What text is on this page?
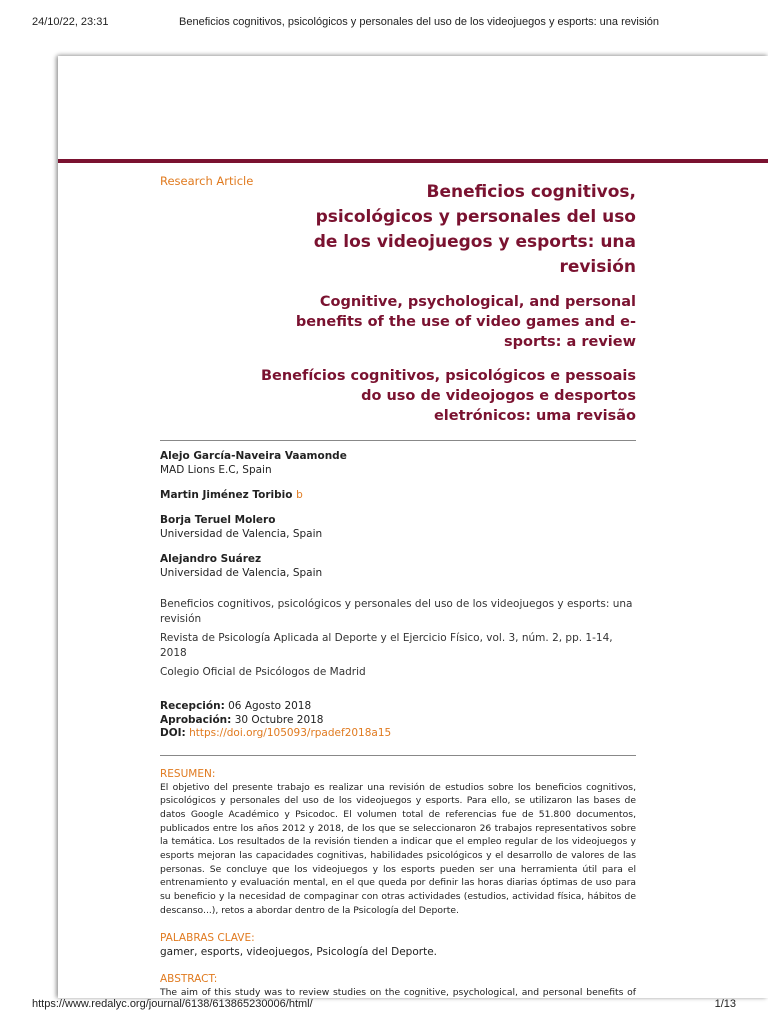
24/10/22, 23:31	Beneficios cognitivos, psicológicos y personales del uso de los videojuegos y esports: una revisión
Research Article
Beneficios cognitivos, psicológicos y personales del uso de los videojuegos y esports: una revisión
Cognitive, psychological, and personal benefits of the use of video games and e-sports: a review
Benefícios cognitivos, psicológicos e pessoais do uso de videojogos e desportos eletrónicos: uma revisão
Alejo García-Naveira Vaamonde
MAD Lions E.C, Spain
Martin Jiménez Toribio b
Borja Teruel Molero
Universidad de Valencia, Spain
Alejandro Suárez
Universidad de Valencia, Spain

Beneficios cognitivos, psicológicos y personales del uso de los videojuegos y esports: una revisión

Revista de Psicología Aplicada al Deporte y el Ejercicio Físico, vol. 3, núm. 2, pp. 1-14, 2018

Colegio Oficial de Psicólogos de Madrid

Recepción: 06 Agosto 2018
Aprobación: 30 Octubre 2018
DOI: https://doi.org/105093/rpadef2018a15
RESUMEN:
El objetivo del presente trabajo es realizar una revisión de estudios sobre los beneficios cognitivos, psicológicos y personales del uso de los videojuegos y esports. Para ello, se utilizaron las bases de datos Google Académico y Psicodoc. El volumen total de referencias fue de 51.800 documentos, publicados entre los años 2012 y 2018, de los que se seleccionaron 26 trabajos representativos sobre la temática. Los resultados de la revisión tienden a indicar que el empleo regular de los videojuegos y esports mejoran las capacidades cognitivas, habilidades psicológicos y el desarrollo de valores de las personas. Se concluye que los videojuegos y los esports pueden ser una herramienta útil para el entrenamiento y evaluación mental, en el que queda por definir las horas diarias óptimas de uso para su beneficio y la necesidad de compaginar con otras actividades (estudios, actividad física, hábitos de descanso...), retos a abordar dentro de la Psicología del Deporte.
PALABRAS CLAVE:
gamer, esports, videojuegos, Psicología del Deporte.
ABSTRACT:
The aim of this study was to review studies on the cognitive, psychological, and personal benefits of
https://www.redalyc.org/journal/6138/613865230006/html/	1/13
